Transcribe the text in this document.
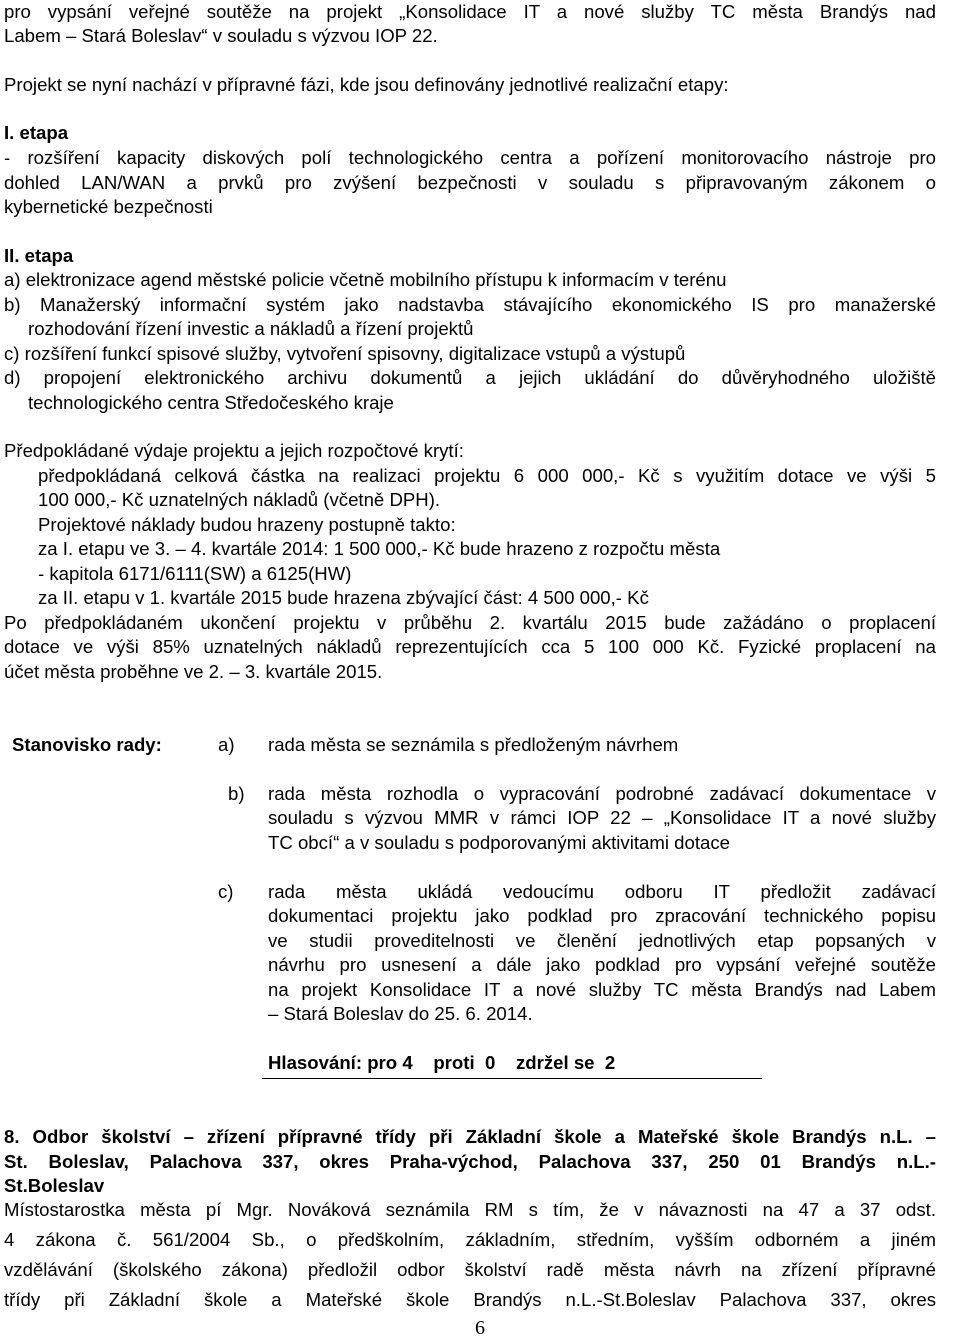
pro vypsání veřejné soutěže na projekt „Konsolidace IT a nové služby TC města Brandýs nad
Labem – Stará Boleslav“ v souladu s výzvou IOP 22.
Projekt se nyní nachází v přípravné fázi, kde jsou definovány jednotlivé realizační etapy:
I. etapa
- rozšíření kapacity diskových polí technologického centra a pořízení monitorovacího nástroje pro
dohled LAN/WAN a prvků pro zvýšení bezpečnosti v souladu s připravovaným zákonem o
kybernetické bezpečnosti
II. etapa
a) elektronizace agend městské policie včetně mobilního přístupu k informacím v terénu
b) Manažerský informační systém jako nadstavba stávajícího ekonomického IS pro manažerské
rozhodování řízení investic a nákladů a řízení projektů
c) rozšíření funkcí spisové služby, vytvoření spisovny, digitalizace vstupů a výstupů
d) propojení elektronického archivu dokumentů a jejich ukládání do důvěryhodného uložiště
technologického centra Středočeského kraje
Předpokládané výdaje projektu a jejich rozpočtové krytí:
předpokládaná celková částka na realizaci projektu 6 000 000,- Kč s využitím dotace ve výši 5
100 000,- Kč uznatelných nákladů (včetně DPH).
Projektové náklady budou hrazeny postupně takto:
za I. etapu ve 3. – 4. kvartále 2014: 1 500 000,- Kč bude hrazeno z rozpočtu města
- kapitola 6171/6111(SW) a 6125(HW)
za II. etapu v 1. kvartále 2015 bude hrazena zbývající část: 4 500 000,- Kč
Po předpokládaném ukončení projektu v průběhu 2. kvartálu 2015 bude zažádáno o proplacení
dotace ve výši 85% uznatelných nákladů reprezentujících cca 5 100 000 Kč. Fyzické proplacení na
účet města proběhne ve 2. – 3. kvartále 2015.
Stanovisko rady:	a) rada města se seznámila s předloženým návrhem
b) rada města rozhodla o vypracování podrobné zadávací dokumentace v
souladu s výzvou MMR v rámci IOP 22 – „Konsolidace IT a nové služby
TC obcí“ a v souladu s podporovanými aktivitami dotace
c) rada města ukládá vedoucímu odboru IT předložit zadávací
dokumentaci projektu jako podklad pro zpracování technického popisu
ve studii proveditelnosti ve členění jednotlivých etap popsaných v
návrhu pro usnesení a dále jako podklad pro vypsání veřejné soutěže
na projekt Konsolidace IT a nové služby TC města Brandýs nad Labem
– Stará Boleslav do 25. 6. 2014.
Hlasování: pro 4    proti  0    zdržel se  2
8. Odbor školství – zřízení přípravné třídy při Základní škole a Mateřské škole Brandýs n.L. –
St. Boleslav, Palachova 337, okres Praha-východ, Palachova 337, 250 01 Brandýs n.L.-
St.Boleslav
Místostarostka města pí Mgr. Nováková seznámila RM s tím, že v návaznosti na 47 a 37 odst.
4 zákona č. 561/2004 Sb., o předškolním, základním, středním, vyšším odborném a jiném
vzdělávání (školského zákona) předložil odbor školství radě města návrh na zřízení přípravné
třídy při Základní škole a Mateřské škole Brandýs n.L.-St.Boleslav Palachova 337, okres
6
